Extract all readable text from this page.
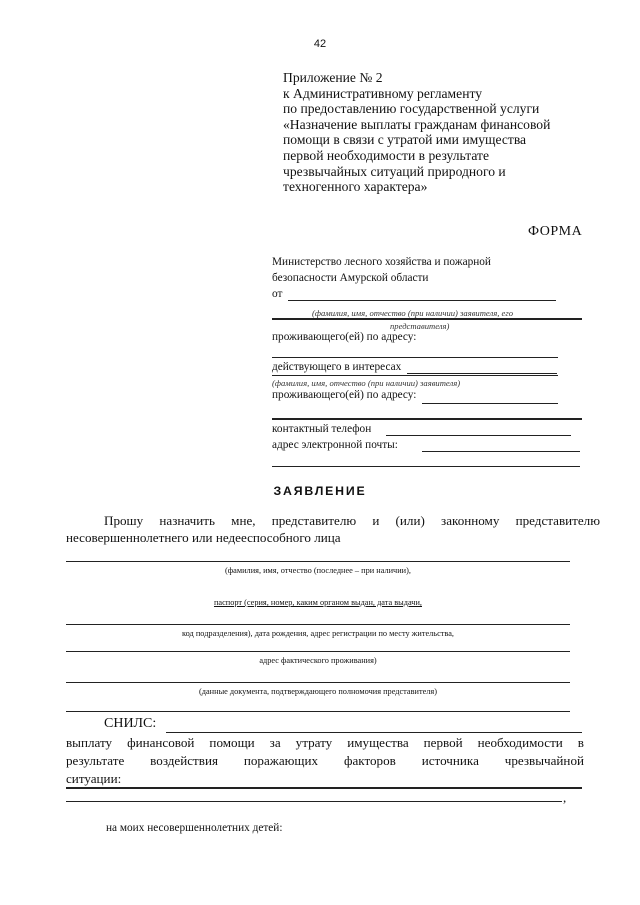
42
Приложение № 2
к Административному регламенту
по предоставлению государственной услуги
«Назначение выплаты гражданам финансовой
помощи в связи с утратой ими имущества
первой необходимости в результате
чрезвычайных ситуаций природного и
техногенного характера»
ФОРМА
Министерство лесного хозяйства и пожарной
безопасности Амурской области
от
(фамилия, имя, отчество (при наличии) заявителя, его
представителя)
проживающего(ей) по адресу:
действующего в интересах
(фамилия, имя, отчество (при наличии) заявителя)
проживающего(ей) по адресу:
контактный телефон
адрес электронной почты:
ЗАЯВЛЕНИЕ
Прошу назначить мне, представителю и (или) законному представителю
несовершеннолетнего или недееспособного лица
(фамилия, имя, отчество (последнее – при наличии),
паспорт (серия, номер, каким органом выдан, дата выдачи,
код подразделения), дата рождения, адрес регистрации по месту жительства,
адрес фактического проживания)
(данные документа, подтверждающего полномочия представителя)
СНИЛС:
выплату финансовой помощи за утрату имущества первой необходимости в
результате воздействия поражающих факторов источника чрезвычайной
ситуации:
,
на моих несовершеннолетних детей:
